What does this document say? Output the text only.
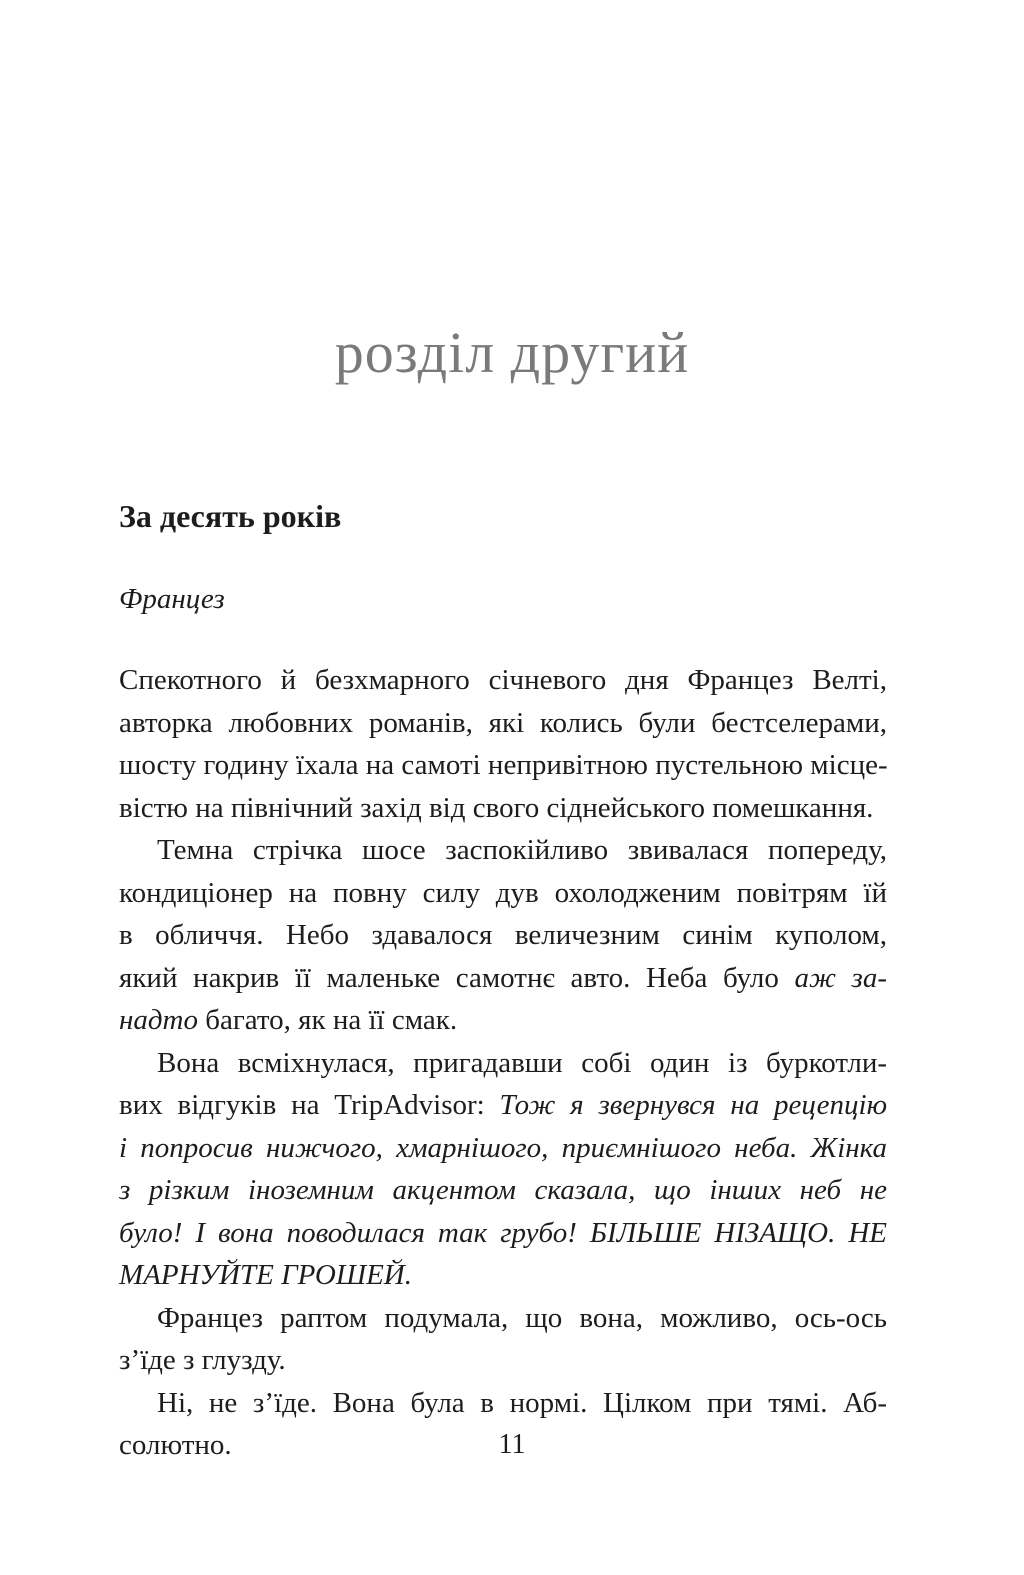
розділ другий
За десять років
Францез
Спекотного й безхмарного січневого дня Францез Велті,
авторка любовних романів, які колись були бестселерами,
шосту годину їхала на самоті непривітною пустельною місце-
вістю на північний захід від свого сіднейського помешкання.
Темна стрічка шосе заспокійливо звивалася попереду,
кондиціонер на повну силу дув охолодженим повітрям їй
в обличчя. Небо здавалося величезним синім куполом,
який накрив її маленьке самотнє авто. Неба було аж за-
надто багато, як на її смак.
Вона всміхнулася, пригадавши собі один із буркотли-
вих відгуків на TripAdvisor: Тож я звернувся на рецепцію
і попросив нижчого, хмарнішого, приємнішого неба. Жінка
з різким іноземним акцентом сказала, що інших неб не
було! І вона поводилася так грубо! БІЛЬШЕ НІЗАЩО. НЕ
МАРНУЙТЕ ГРОШЕЙ.
Францез раптом подумала, що вона, можливо, ось-ось
з’їде з глузду.
Ні, не з’їде. Вона була в нормі. Цілком при тямі. Аб-
солютно.	11
